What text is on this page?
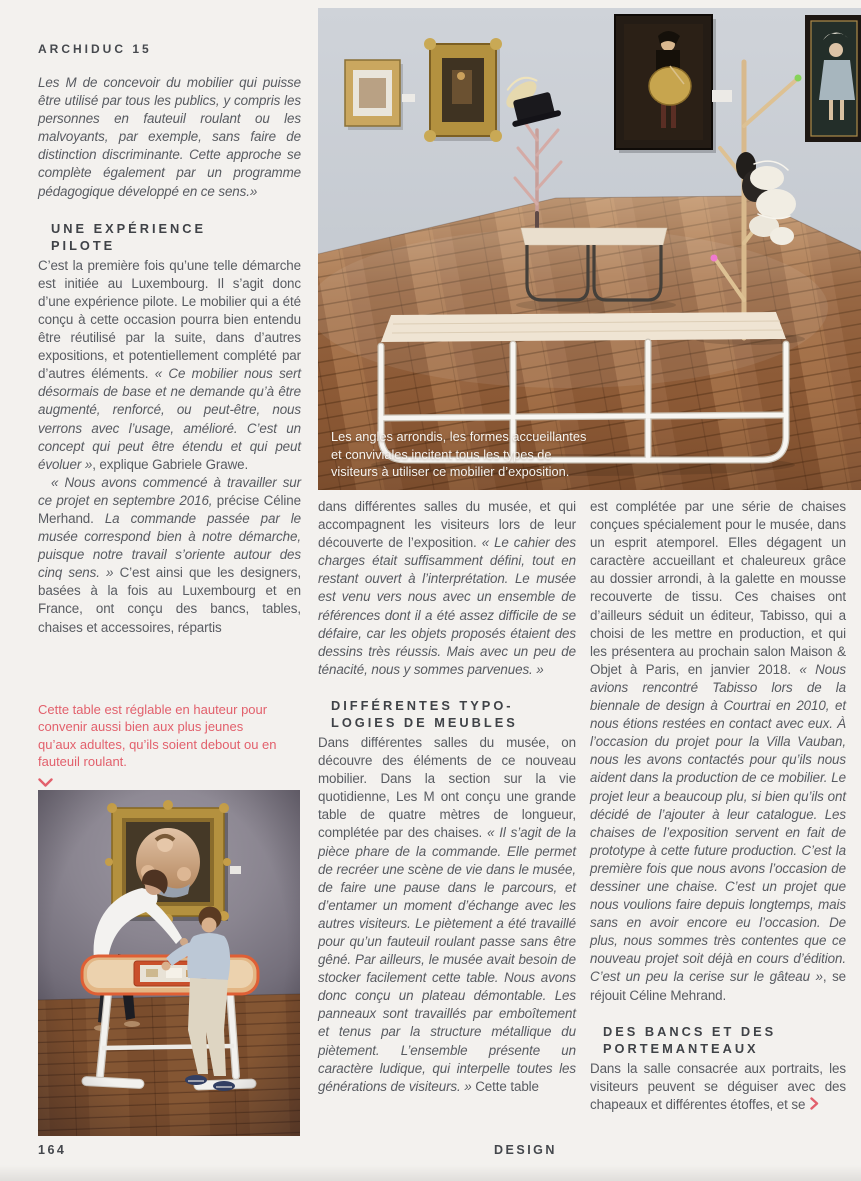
ARCHIDUC 15

Les M de concevoir du mobilier qui puisse être utilisé par tous les publics, y compris les personnes en fauteuil roulant ou les malvoyants, par exemple, sans faire de distinction discriminante. Cette approche se complète également par un programme pédagogique développé en ce sens.»

UNE EXPÉRIENCE
PILOTE

C’est la première fois qu’une telle démarche est initiée au Luxembourg. Il s’agit donc d’une expérience pilote. Le mobilier qui a été conçu à cette occasion pourra bien entendu être réutilisé par la suite, dans d’autres expositions, et potentiellement complété par d’autres éléments. « Ce mobilier nous sert désormais de base et ne demande qu’à être augmenté, renforcé, ou peut-être, nous verrons avec l’usage, amélioré. C’est un concept qui peut être étendu et qui peut évoluer », explique Gabriele Grawe.

« Nous avons commencé à travailler sur ce projet en septembre 2016, précise Céline Merhand. La commande passée par le musée correspond bien à notre démarche, puisque notre travail s’oriente autour des cinq sens. » C’est ainsi que les designers, basées à la fois au Luxembourg et en France, ont conçu des bancs, tables, chaises et accessoires, répartis

Les angles arrondis, les formes accueillantes et conviviales incitent tous les types de visiteurs à utiliser ce mobilier d’exposition.

dans différentes salles du musée, et qui accompagnent les visiteurs lors de leur découverte de l’exposition. « Le cahier des charges était suffisamment défini, tout en restant ouvert à l’interprétation. Le musée est venu vers nous avec un ensemble de références dont il a été assez difficile de se défaire, car les objets proposés étaient des dessins très réussis. Mais avec un peu de ténacité, nous y sommes parvenues. »

DIFFÉRENTES TYPO-
LOGIES DE MEUBLES

Dans différentes salles du musée, on découvre des éléments de ce nouveau mobilier. Dans la section sur la vie quotidienne, Les M ont conçu une grande table de quatre mètres de longueur, complétée par des chaises. « Il s’agit de la pièce phare de la commande. Elle permet de recréer une scène de vie dans le musée, de faire une pause dans le parcours, et d’entamer un moment d’échange avec les autres visiteurs. Le piètement a été travaillé pour qu’un fauteuil roulant passe sans être gêné. Par ailleurs, le musée avait besoin de stocker facilement cette table. Nous avons donc conçu un plateau démontable. Les panneaux sont travaillés par emboîtement et tenus par la structure métallique du piètement. L’ensemble présente un caractère ludique, qui interpelle toutes les générations de visiteurs. » Cette table

est complétée par une série de chaises conçues spécialement pour le musée, dans un esprit atemporel. Elles dégagent un caractère accueillant et chaleureux grâce au dossier arrondi, à la galette en mousse recouverte de tissu. Ces chaises ont d’ailleurs séduit un éditeur, Tabisso, qui a choisi de les mettre en production, et qui les présentera au prochain salon Maison & Objet à Paris, en janvier 2018. « Nous avions rencontré Tabisso lors de la biennale de design à Courtrai en 2010, et nous étions restées en contact avec eux. À l’occasion du projet pour la Villa Vauban, nous les avons contactés pour qu’ils nous aident dans la production de ce mobilier. Le projet leur a beaucoup plu, si bien qu’ils ont décidé de l’ajouter à leur catalogue. Les chaises de l’exposition servent en fait de prototype à cette future production. C’est la première fois que nous avons l’occasion de dessiner une chaise. C’est un projet que nous voulions faire depuis longtemps, mais sans en avoir encore eu l’occasion. De plus, nous sommes très contentes que ce nouveau projet soit déjà en cours d’édition. C’est un peu la cerise sur le gâteau », se réjouit Céline Mehrand.

DES BANCS ET DES
PORTEMANTEAUX

Dans la salle consacrée aux portraits, les visiteurs peuvent se déguiser avec des chapeaux et différentes étoffes, et se

Cette table est réglable en hauteur pour convenir aussi bien aux plus jeunes qu’aux adultes, qu’ils soient debout ou en fauteuil roulant.

164	DESIGN
